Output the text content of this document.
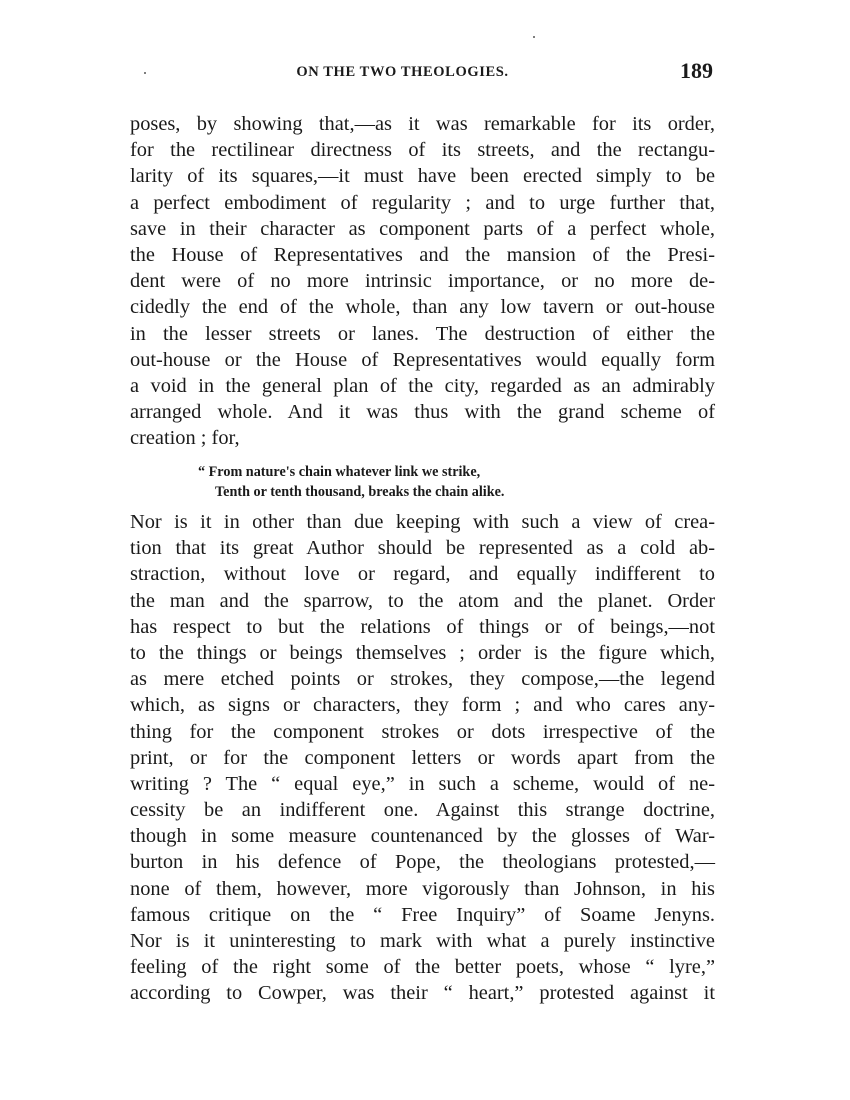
ON THE TWO THEOLOGIES.	189
poses, by showing that,—as it was remarkable for its order,
for the rectilinear directness of its streets, and the rectangu-
larity of its squares,—it must have been erected simply to be
a perfect embodiment of regularity ; and to urge further that,
save in their character as component parts of a perfect whole,
the House of Representatives and the mansion of the Presi-
dent were of no more intrinsic importance, or no more de-
cidedly the end of the whole, than any low tavern or out-house
in the lesser streets or lanes. The destruction of either the
out-house or the House of Representatives would equally form
a void in the general plan of the city, regarded as an admirably
arranged whole. And it was thus with the grand scheme of
creation ; for,
“ From nature's chain whatever link we strike,
Tenth or tenth thousand, breaks the chain alike.
Nor is it in other than due keeping with such a view of crea-
tion that its great Author should be represented as a cold ab-
straction, without love or regard, and equally indifferent to
the man and the sparrow, to the atom and the planet. Order
has respect to but the relations of things or of beings,—not
to the things or beings themselves ; order is the figure which,
as mere etched points or strokes, they compose,—the legend
which, as signs or characters, they form ; and who cares any-
thing for the component strokes or dots irrespective of the
print, or for the component letters or words apart from the
writing ? The “ equal eye,” in such a scheme, would of ne-
cessity be an indifferent one. Against this strange doctrine,
though in some measure countenanced by the glosses of War-
burton in his defence of Pope, the theologians protested,—
none of them, however, more vigorously than Johnson, in his
famous critique on the “ Free Inquiry” of Soame Jenyns.
Nor is it uninteresting to mark with what a purely instinctive
feeling of the right some of the better poets, whose “ lyre,”
according to Cowper, was their “ heart,” protested against it
